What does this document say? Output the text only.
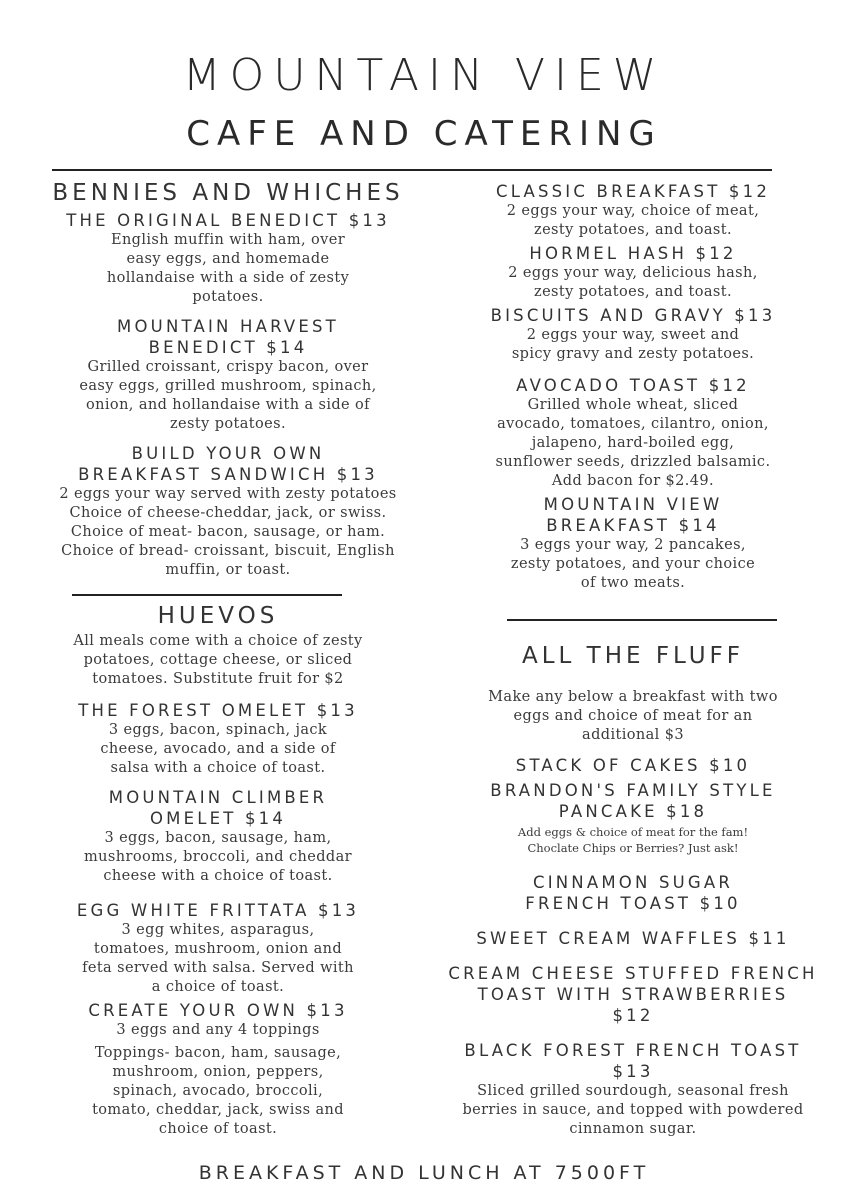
MOUNTAIN VIEW
CAFE AND CATERING
BENNIES AND WHICHES
THE ORIGINAL BENEDICT $13
English muffin with ham, over
easy eggs, and homemade
hollandaise with a side of zesty
potatoes.
MOUNTAIN HARVEST
BENEDICT $14
Grilled croissant, crispy bacon, over
easy eggs, grilled mushroom, spinach,
onion, and hollandaise with a side of
zesty potatoes.
BUILD YOUR OWN
BREAKFAST SANDWICH $13
2 eggs your way served with zesty potatoes
Choice of cheese-cheddar, jack, or swiss.
Choice of meat- bacon, sausage, or ham.
Choice of bread- croissant, biscuit, English
muffin, or toast.
HUEVOS
All meals come with a choice of zesty
potatoes, cottage cheese, or sliced
tomatoes. Substitute fruit for $2
THE FOREST OMELET $13
3 eggs, bacon, spinach, jack
cheese, avocado, and a side of
salsa with a choice of toast.
MOUNTAIN CLIMBER
OMELET $14
3 eggs, bacon, sausage, ham,
mushrooms, broccoli, and cheddar
cheese with a choice of toast.
EGG WHITE FRITTATA $13
3 egg whites, asparagus,
tomatoes, mushroom, onion and
feta served with salsa. Served with
a choice of toast.
CREATE YOUR OWN $13
3 eggs and any 4 toppings
Toppings- bacon, ham, sausage,
mushroom, onion, peppers,
spinach, avocado, broccoli,
tomato, cheddar, jack, swiss and
choice of toast.
CLASSIC BREAKFAST $12
2 eggs your way, choice of meat,
zesty potatoes, and toast.
HORMEL HASH $12
2 eggs your way, delicious hash,
zesty potatoes, and toast.
BISCUITS AND GRAVY $13
2 eggs your way, sweet and
spicy gravy and zesty potatoes.
AVOCADO TOAST $12
Grilled whole wheat, sliced
avocado, tomatoes, cilantro, onion,
jalapeno, hard-boiled egg,
sunflower seeds, drizzled balsamic.
Add bacon for $2.49.
MOUNTAIN VIEW
BREAKFAST $14
3 eggs your way, 2 pancakes,
zesty potatoes, and your choice
of two meats.
ALL THE FLUFF
Make any below a breakfast with two
eggs and choice of meat for an
additional $3
STACK OF CAKES $10
BRANDON'S FAMILY STYLE
PANCAKE $18
Add eggs & choice of meat for the fam!
Choclate Chips or Berries? Just ask!
CINNAMON SUGAR
FRENCH TOAST $10
SWEET CREAM WAFFLES $11
CREAM CHEESE STUFFED FRENCH
TOAST WITH STRAWBERRIES
$12
BLACK FOREST FRENCH TOAST
$13
Sliced grilled sourdough, seasonal fresh
berries in sauce, and topped with powdered
cinnamon sugar.
BREAKFAST AND LUNCH AT 7500FT
